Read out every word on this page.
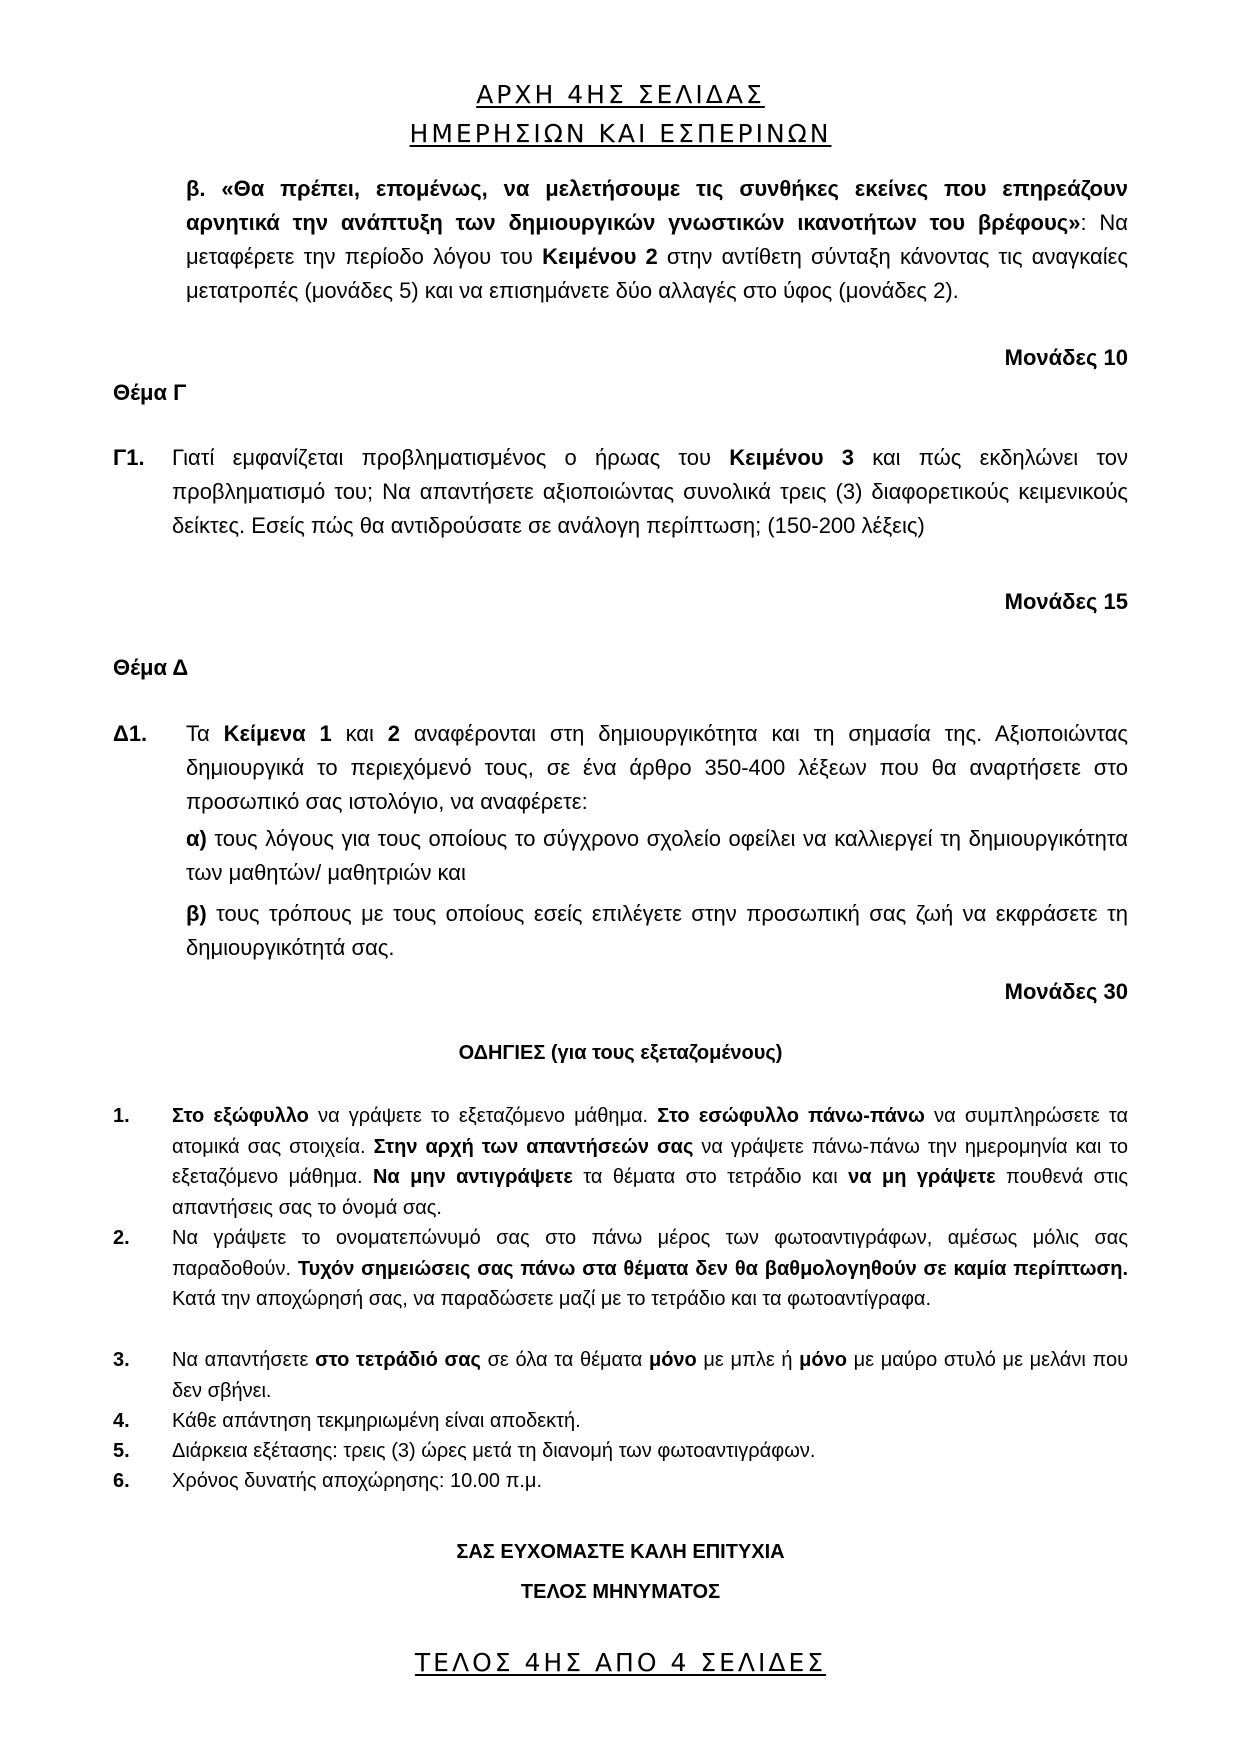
ΑΡΧΗ 4ΗΣ ΣΕΛΙΔΑΣ
ΗΜΕΡΗΣΙΩΝ ΚΑΙ ΕΣΠΕΡΙΝΩΝ

β. «Θα πρέπει, επομένως, να μελετήσουμε τις συνθήκες εκείνες που επηρεάζουν αρνητικά την ανάπτυξη των δημιουργικών γνωστικών ικανοτήτων του βρέφους»: Να μεταφέρετε την περίοδο λόγου του Κειμένου 2 στην αντίθετη σύνταξη κάνοντας τις αναγκαίες μετατροπές (μονάδες 5) και να επισημάνετε δύο αλλαγές στο ύφος (μονάδες 2).

Μονάδες 10
Θέμα Γ
Γ1. Γιατί εμφανίζεται προβληματισμένος ο ήρωας του Κειμένου 3 και πώς εκδηλώνει τον προβληματισμό του; Να απαντήσετε αξιοποιώντας συνολικά τρεις (3) διαφορετικούς κειμενικούς δείκτες. Εσείς πώς θα αντιδρούσατε σε ανάλογη περίπτωση; (150-200 λέξεις)

Μονάδες 15
Θέμα Δ
Δ1. Τα Κείμενα 1 και 2 αναφέρονται στη δημιουργικότητα και τη σημασία της. Αξιοποιώντας δημιουργικά το περιεχόμενό τους, σε ένα άρθρο 350-400 λέξεων που θα αναρτήσετε στο προσωπικό σας ιστολόγιο, να αναφέρετε:

α) τους λόγους για τους οποίους το σύγχρονο σχολείο οφείλει να καλλιεργεί τη δημιουργικότητα των μαθητών/ μαθητριών και

β) τους τρόπους με τους οποίους εσείς επιλέγετε στην προσωπική σας ζωή να εκφράσετε τη δημιουργικότητά σας.

Μονάδες 30
ΟΔΗΓΙΕΣ (για τους εξεταζομένους)
1. Στο εξώφυλλο να γράψετε το εξεταζόμενο μάθημα. Στο εσώφυλλο πάνω-πάνω να συμπληρώσετε τα ατομικά σας στοιχεία. Στην αρχή των απαντήσεών σας να γράψετε πάνω-πάνω την ημερομηνία και το εξεταζόμενο μάθημα. Να μην αντιγράψετε τα θέματα στο τετράδιο και να μη γράψετε πουθενά στις απαντήσεις σας το όνομά σας.

2. Να γράψετε το ονοματεπώνυμό σας στο πάνω μέρος των φωτοαντιγράφων, αμέσως μόλις σας παραδοθούν. Τυχόν σημειώσεις σας πάνω στα θέματα δεν θα βαθμολογηθούν σε καμία περίπτωση. Κατά την αποχώρησή σας, να παραδώσετε μαζί με το τετράδιο και τα φωτοαντίγραφα.

3. Να απαντήσετε στο τετράδιό σας σε όλα τα θέματα μόνο με μπλε ή μόνο με μαύρο στυλό με μελάνι που δεν σβήνει.

4. Κάθε απάντηση τεκμηριωμένη είναι αποδεκτή.
5. Διάρκεια εξέτασης: τρεις (3) ώρες μετά τη διανομή των φωτοαντιγράφων.
6. Χρόνος δυνατής αποχώρησης: 10.00 π.μ.
ΣΑΣ ΕΥΧΟΜΑΣΤΕ ΚΑΛΗ ΕΠΙΤΥΧΙΑ
ΤΕΛΟΣ ΜΗΝΥΜΑΤΟΣ
ΤΕΛΟΣ 4ΗΣ ΑΠΟ 4 ΣΕΛΙΔΕΣ
